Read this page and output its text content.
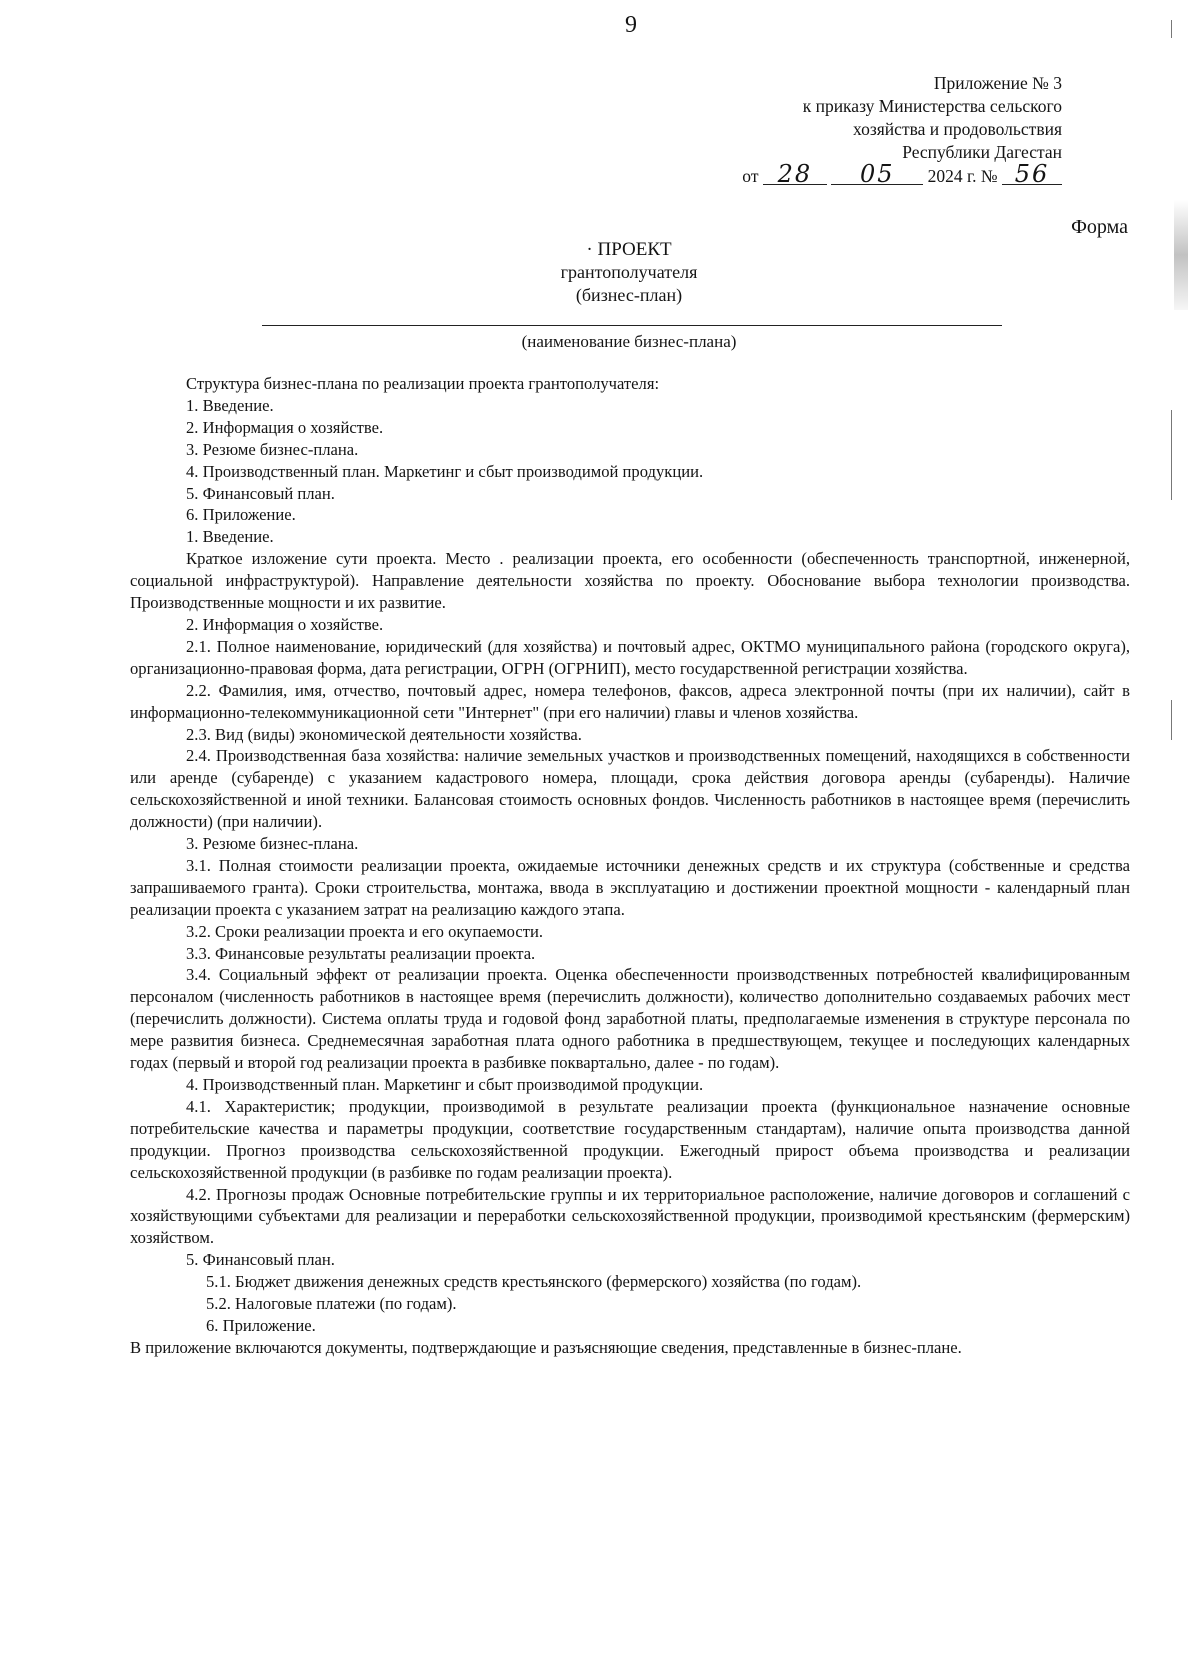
9
Приложение № 3
к приказу Министерства сельского
хозяйства и продовольствия
Республики Дагестан
от 28 05 2024 г. № 56
Форма
· ПРОЕКТ
грантополучателя
(бизнес-план)
(наименование бизнес-плана)

Структура бизнес-плана по реализации проекта грантополучателя:

1. Введение.

2. Информация о хозяйстве.

3. Резюме бизнес-плана.

4. Производственный план. Маркетинг и сбыт производимой продукции.

5. Финансовый план.

6. Приложение.

1. Введение.

Краткое изложение сути проекта. Место . реализации проекта, его особенности (обеспеченность транспортной, инженерной, социальной инфраструктурой). Направление деятельности хозяйства по проекту. Обоснование выбора технологии производства. Производственные мощности и их развитие.

2. Информация о хозяйстве.

2.1. Полное наименование, юридический (для хозяйства) и почтовый адрес, ОКТМО муниципального района (городского округа), организационно-правовая форма, дата регистрации, ОГРН (ОГРНИП), место государственной регистрации хозяйства.

2.2. Фамилия, имя, отчество, почтовый адрес, номера телефонов, факсов, адреса электронной почты (при их наличии), сайт в информационно-телекоммуникационной сети "Интернет" (при его наличии) главы и членов хозяйства.

2.3. Вид (виды) экономической деятельности хозяйства.

2.4. Производственная база хозяйства: наличие земельных участков и производственных помещений, находящихся в собственности или аренде (субаренде) с указанием кадастрового номера, площади, срока действия договора аренды (субаренды). Наличие сельскохозяйственной и иной техники. Балансовая стоимость основных фондов. Численность работников в настоящее время (перечислить должности) (при наличии).

3. Резюме бизнес-плана.

3.1. Полная стоимости реализации проекта, ожидаемые источники денежных средств и их структура (собственные и средства запрашиваемого гранта). Сроки строительства, монтажа, ввода в эксплуатацию и достижении проектной мощности - календарный план реализации проекта с указанием затрат на реализацию каждого этапа.

3.2. Сроки реализации проекта и его окупаемости.

3.3. Финансовые результаты реализации проекта.

3.4. Социальный эффект от реализации проекта. Оценка обеспеченности производственных потребностей квалифицированным персоналом (численность работников в настоящее время (перечислить должности), количество дополнительно создаваемых рабочих мест (перечислить должности). Система оплаты труда и годовой фонд заработной платы, предполагаемые изменения в структуре персонала по мере развития бизнеса. Среднемесячная заработная плата одного работника в предшествующем, текущее и последующих календарных годах (первый и второй год реализации проекта в разбивке поквартально, далее - по годам).

4. Производственный план. Маркетинг и сбыт производимой продукции.

4.1. Характеристик; продукции, производимой в результате реализации проекта (функциональное назначение основные потребительские качества и параметры продукции, соответствие государственным стандартам), наличие опыта производства данной продукции. Прогноз производства сельскохозяйственной продукции. Ежегодный прирост объема производства и реализации сельскохозяйственной продукции (в разбивке по годам реализации проекта).

4.2. Прогнозы продаж Основные потребительские группы и их территориальное расположение, наличие договоров и соглашений с хозяйствующими субъектами для реализации и переработки сельскохозяйственной продукции, производимой крестьянским (фермерским) хозяйством.

5. Финансовый план.

5.1. Бюджет движения денежных средств крестьянского (фермерского) хозяйства (по годам).

5.2. Налоговые платежи (по годам).

6. Приложение.

В приложение включаются документы, подтверждающие и разъясняющие сведения, представленные в бизнес-плане.
